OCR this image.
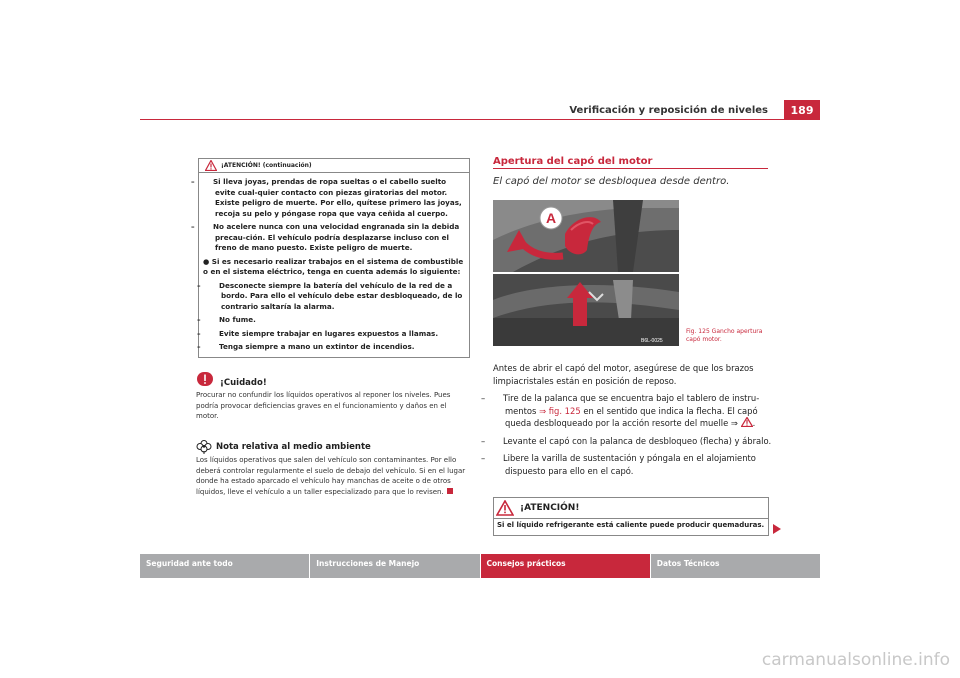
Verificación y reposición de niveles	189
¡ATENCIÓN! (continuación)

–	Si lleva joyas, prendas de ropa sueltas o el cabello suelto evite cual-quier contacto con piezas giratorias del motor. Existe peligro de muerte. Por ello, quítese primero las joyas, recoja su pelo y póngase ropa que vaya ceñida al cuerpo.

–	No acelere nunca con una velocidad engranada sin la debida precau-ción. El vehículo podría desplazarse incluso con el freno de mano puesto. Existe peligro de muerte.

● Si es necesario realizar trabajos en el sistema de combustible o en el sistema eléctrico, tenga en cuenta además lo siguiente:

–	Desconecte siempre la batería del vehículo de la red de a bordo. Para ello el vehículo debe estar desbloqueado, de lo contrario saltaría la alarma.

–	No fume.

–	Evite siempre trabajar en lugares expuestos a llamas.

–	Tenga siempre a mano un extintor de incendios.

¡Cuidado!
Procurar no confundir los líquidos operativos al reponer los niveles. Pues podría provocar deficiencias graves en el funcionamiento y daños en el motor.
Nota relativa al medio ambiente
Los líquidos operativos que salen del vehículo son contaminantes. Por ello deberá controlar regularmente el suelo de debajo del vehículo. Si en el lugar donde ha estado aparcado el vehículo hay manchas de aceite o de otros líquidos, lleve el vehículo a un taller especializado para que lo revisen.
Apertura del capó del motor
El capó del motor se desbloquea desde dentro.
A
B6L-0025
Fig. 125 Gancho apertura capó motor.

Antes de abrir el capó del motor, asegúrese de que los brazos limpiacristales están en posición de reposo.

– Tire de la palanca que se encuentra bajo el tablero de instru-mentos ⇒ fig. 125 en el sentido que indica la flecha. El capó queda desbloqueado por la acción resorte del muelle ⇒ .

– Levante el capó con la palanca de desbloqueo (flecha) y ábralo.

– Libere la varilla de sustentación y póngala en el alojamiento dispuesto para ello en el capó.

¡ATENCIÓN!
Si el líquido refrigerante está caliente puede producir quemaduras.
Seguridad ante todo	Instrucciones de Manejo	Consejos prácticos	Datos Técnicos
carmanualsonline.info
